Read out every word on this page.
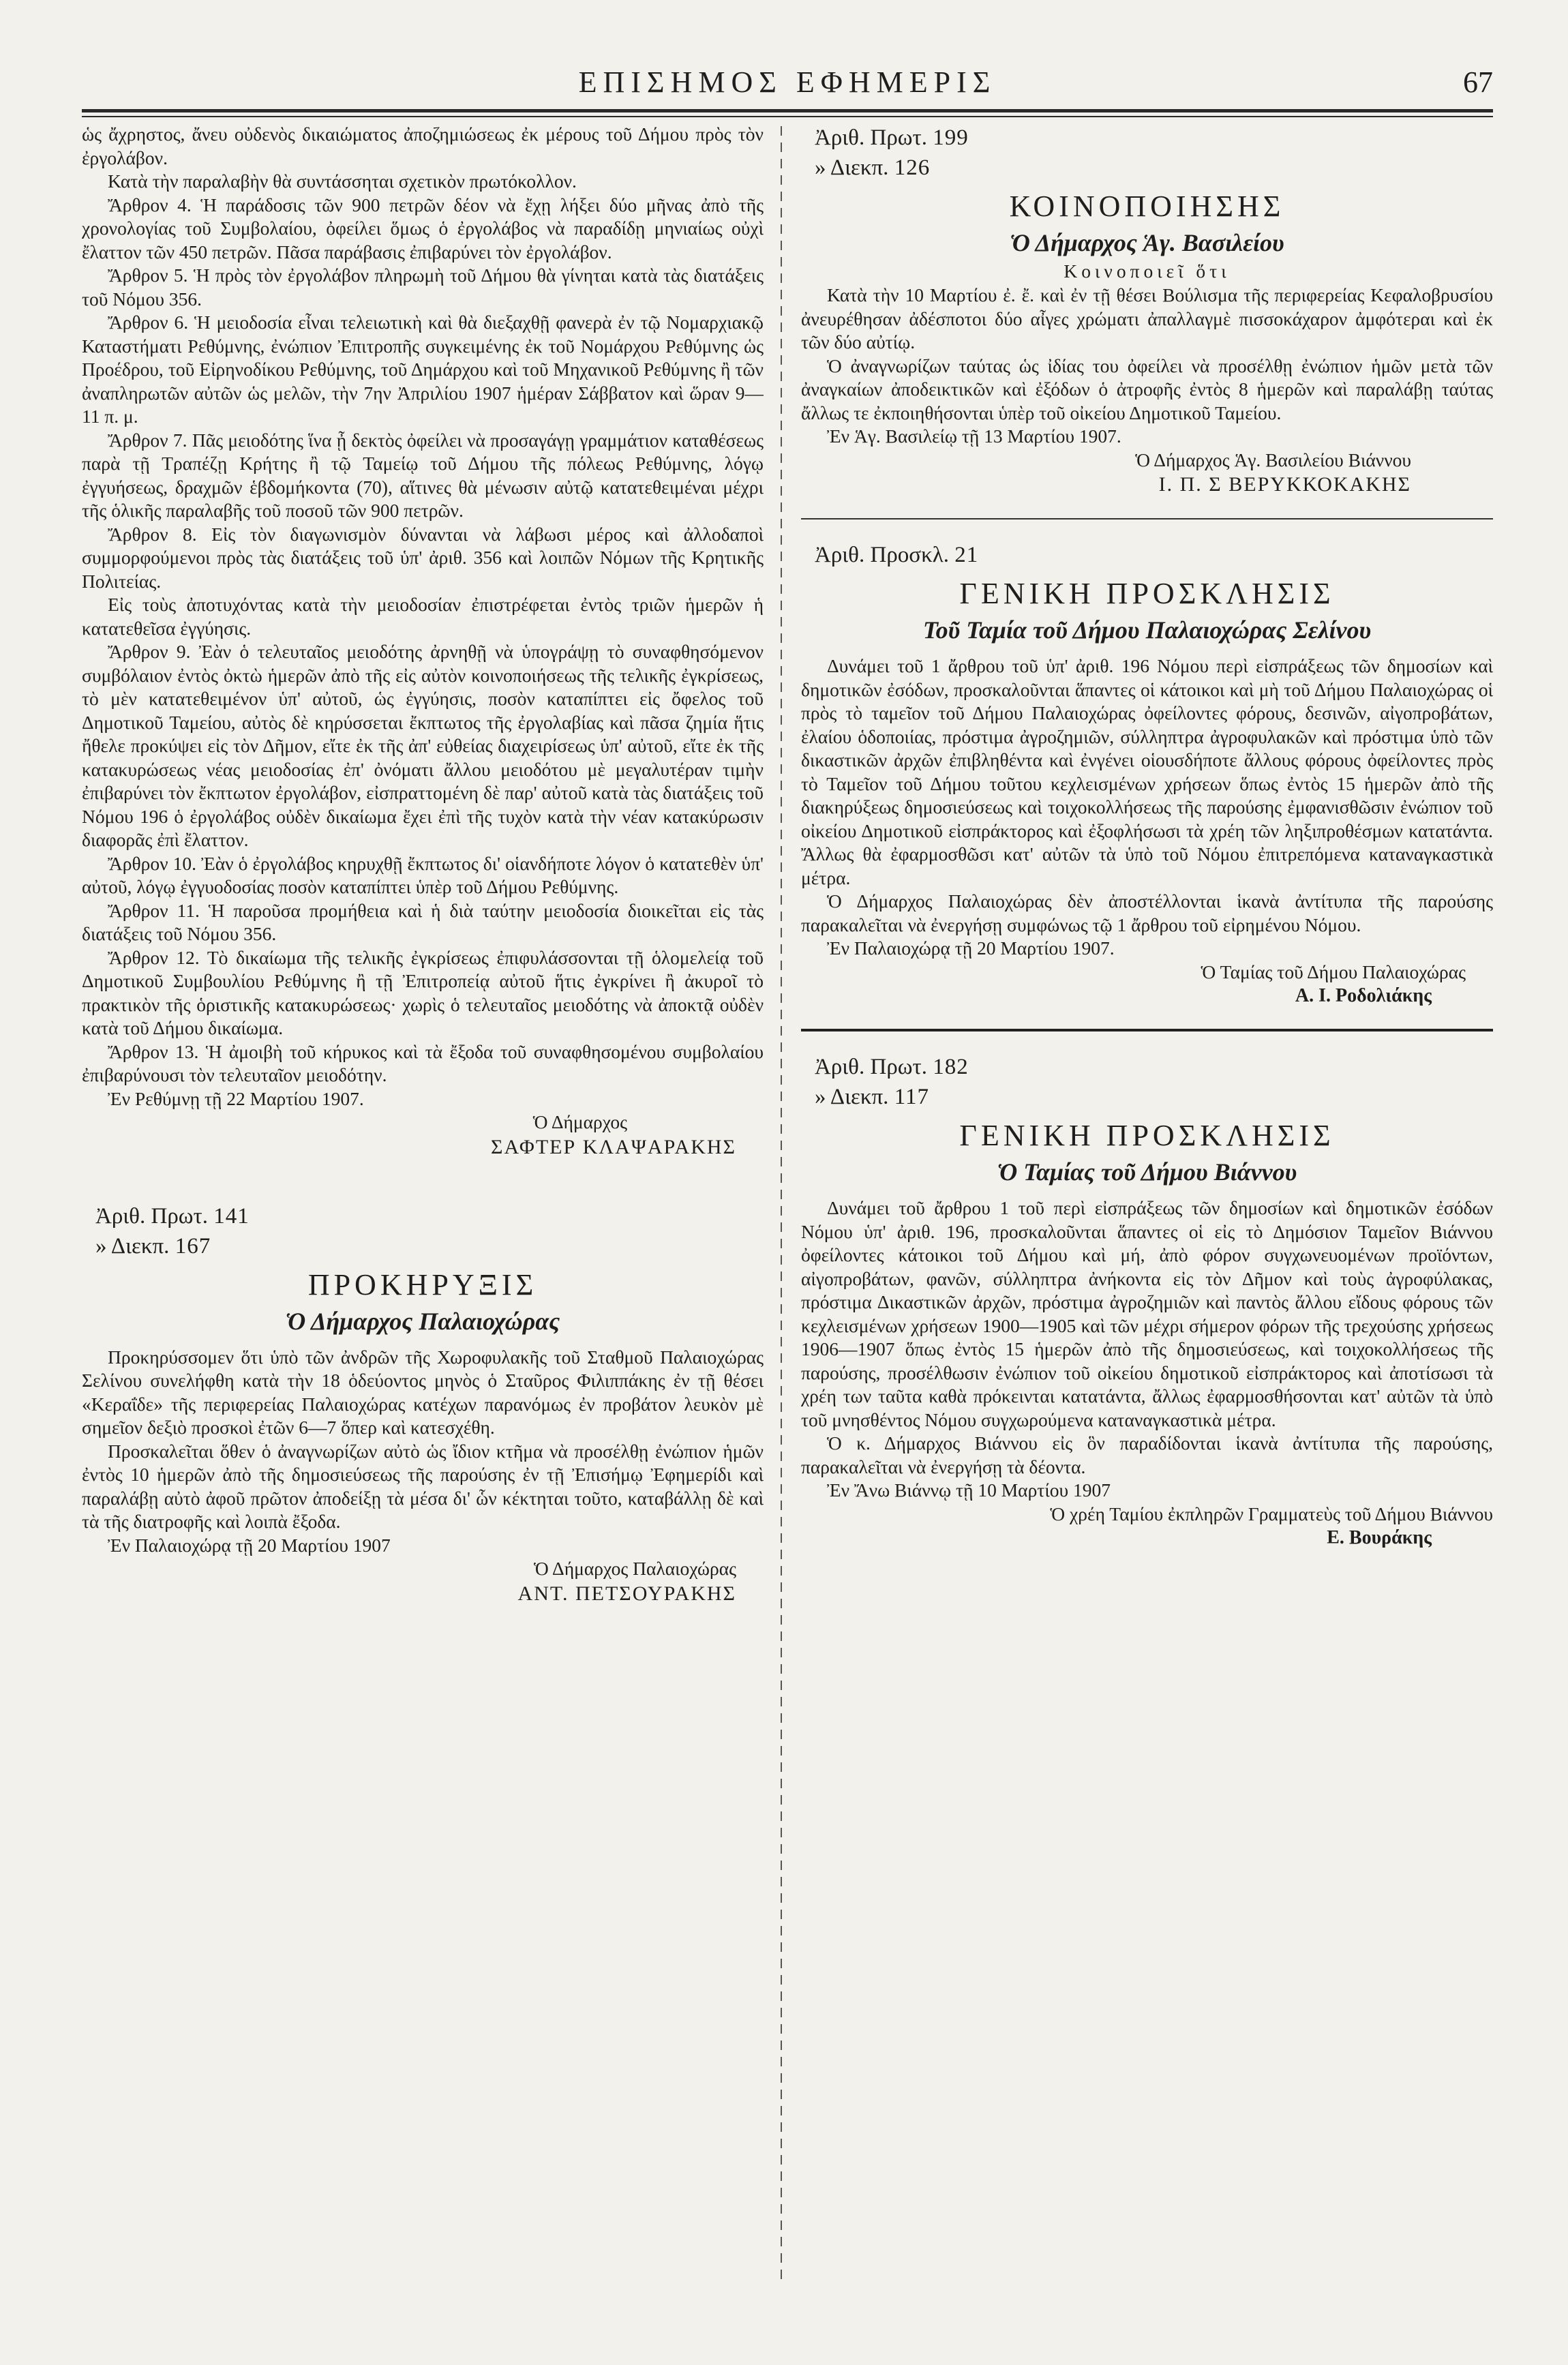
ΕΠΙΣΗΜΟΣ ΕΦΗΜΕΡΙΣ	67

ὡς ἄχρηστος, ἄνευ οὐδενὸς δικαιώματος ἀποζημιώσεως ἐκ μέρους τοῦ Δήμου πρὸς τὸν ἐργολάβον.

Κατὰ τὴν παραλαβὴν θὰ συντάσσηται σχετικὸν πρωτόκολλον.

Ἄρθρον 4. Ἡ παράδοσις τῶν 900 πετρῶν δέον νὰ ἔχῃ λήξει δύο μῆνας ἀπὸ τῆς χρονολογίας τοῦ Συμβολαίου, ὀφείλει ὅμως ὁ ἐργολάβος νὰ παραδίδῃ μηνιαίως οὐχὶ ἔλαττον τῶν 450 πετρῶν. Πᾶσα παράβασις ἐπιβαρύνει τὸν ἐργολάβον.

Ἄρθρον 5. Ἡ πρὸς τὸν ἐργολάβον πληρωμὴ τοῦ Δήμου θὰ γίνηται κατὰ τὰς διατάξεις τοῦ Νόμου 356.

Ἄρθρον 6. Ἡ μειοδοσία εἶναι τελειωτικὴ καὶ θὰ διεξαχθῇ φανερὰ ἐν τῷ Νομαρχιακῷ Καταστήματι Ρεθύμνης, ἐνώπιον Ἐπιτροπῆς συγκειμένης ἐκ τοῦ Νομάρχου Ρεθύμνης ὡς Προέδρου, τοῦ Εἰρηνοδίκου Ρεθύμνης, τοῦ Δημάρχου καὶ τοῦ Μηχανικοῦ Ρεθύμνης ἢ τῶν ἀναπληρωτῶν αὐτῶν ὡς μελῶν, τὴν 7ην Ἀπριλίου 1907 ἡμέραν Σάββατον καὶ ὥραν 9—11 π. μ.

Ἄρθρον 7. Πᾶς μειοδότης ἵνα ᾖ δεκτὸς ὀφείλει νὰ προσαγάγῃ γραμμάτιον καταθέσεως παρὰ τῇ Τραπέζῃ Κρήτης ἢ τῷ Ταμείῳ τοῦ Δήμου τῆς πόλεως Ρεθύμνης, λόγῳ ἐγγυήσεως, δραχμῶν ἑβδομήκοντα (70), αἵτινες θὰ μένωσιν αὐτῷ κατατεθειμέναι μέχρι τῆς ὁλικῆς παραλαβῆς τοῦ ποσοῦ τῶν 900 πετρῶν.

Ἄρθρον 8. Εἰς τὸν διαγωνισμὸν δύνανται νὰ λάβωσι μέρος καὶ ἀλλοδαποὶ συμμορφούμενοι πρὸς τὰς διατάξεις τοῦ ὑπ' ἀριθ. 356 καὶ λοιπῶν Νόμων τῆς Κρητικῆς Πολιτείας.

Εἰς τοὺς ἀποτυχόντας κατὰ τὴν μειοδοσίαν ἐπιστρέφεται ἐντὸς τριῶν ἡμερῶν ἡ κατατεθεῖσα ἐγγύησις.

Ἄρθρον 9. Ἐὰν ὁ τελευταῖος μειοδότης ἀρνηθῇ νὰ ὑπογράψῃ τὸ συναφθησόμενον συμβόλαιον ἐντὸς ὀκτὼ ἡμερῶν ἀπὸ τῆς εἰς αὐτὸν κοινοποιήσεως τῆς τελικῆς ἐγκρίσεως, τὸ μὲν κατατεθειμένον ὑπ' αὐτοῦ, ὡς ἐγγύησις, ποσὸν καταπίπτει εἰς ὄφελος τοῦ Δημοτικοῦ Ταμείου, αὐτὸς δὲ κηρύσσεται ἔκπτωτος τῆς ἐργολαβίας καὶ πᾶσα ζημία ἥτις ἤθελε προκύψει εἰς τὸν Δῆμον, εἴτε ἐκ τῆς ἀπ' εὐθείας διαχειρίσεως ὑπ' αὐτοῦ, εἴτε ἐκ τῆς κατακυρώσεως νέας μειοδοσίας ἐπ' ὀνόματι ἄλλου μειοδότου μὲ μεγαλυτέραν τιμὴν ἐπιβαρύνει τὸν ἔκπτωτον ἐργολάβον, εἰσπραττομένη δὲ παρ' αὐτοῦ κατὰ τὰς διατάξεις τοῦ Νόμου 196 ὁ ἐργολάβος οὐδὲν δικαίωμα ἔχει ἐπὶ τῆς τυχὸν κατὰ τὴν νέαν κατακύρωσιν διαφορᾶς ἐπὶ ἔλαττον.

Ἄρθρον 10. Ἐὰν ὁ ἐργολάβος κηρυχθῇ ἔκπτωτος δι' οἱανδήποτε λόγον ὁ κατατεθὲν ὑπ' αὐτοῦ, λόγῳ ἐγγυοδοσίας ποσὸν καταπίπτει ὑπὲρ τοῦ Δήμου Ρεθύμνης.

Ἄρθρον 11. Ἡ παροῦσα προμήθεια καὶ ἡ διὰ ταύτην μειοδοσία διοικεῖται εἰς τὰς διατάξεις τοῦ Νόμου 356.

Ἄρθρον 12. Τὸ δικαίωμα τῆς τελικῆς ἐγκρίσεως ἐπιφυλάσσονται τῇ ὁλομελείᾳ τοῦ Δημοτικοῦ Συμβουλίου Ρεθύμνης ἢ τῇ Ἐπιτροπείᾳ αὐτοῦ ἥτις ἐγκρίνει ἢ ἀκυροῖ τὸ πρακτικὸν τῆς ὁριστικῆς κατακυρώσεως· χωρὶς ὁ τελευταῖος μειοδότης νὰ ἀποκτᾷ οὐδὲν κατὰ τοῦ Δήμου δικαίωμα.

Ἄρθρον 13. Ἡ ἀμοιβὴ τοῦ κήρυκος καὶ τὰ ἔξοδα τοῦ συναφθησομένου συμβολαίου ἐπιβαρύνουσι τὸν τελευταῖον μειοδότην.

Ἐν Ρεθύμνῃ τῇ 22 Μαρτίου 1907.

Ὁ Δήμαρχος
ΣΑΦΤΕΡ ΚΛΑΨΑΡΑΚΗΣ
Ἀριθ. Πρωτ. 141
» Διεκπ. 167
ΠΡΟΚΗΡΥΞΙΣ
Ὁ Δήμαρχος Παλαιοχώρας

Προκηρύσσομεν ὅτι ὑπὸ τῶν ἀνδρῶν τῆς Χωροφυλακῆς τοῦ Σταθμοῦ Παλαιοχώρας Σελίνου συνελήφθη κατὰ τὴν 18 ὁδεύοντος μηνὸς ὁ Σταῦρος Φιλιππάκης ἐν τῇ θέσει «Κεραΐδε» τῆς περιφερείας Παλαιοχώρας κατέχων παρανόμως ἐν προβάτον λευκὸν μὲ σημεῖον δεξιὸ προσκοὶ ἐτῶν 6—7 ὅπερ καὶ κατεσχέθη.

Προσκαλεῖται ὅθεν ὁ ἀναγνωρίζων αὐτὸ ὡς ἴδιον κτῆμα νὰ προσέλθῃ ἐνώπιον ἡμῶν ἐντὸς 10 ἡμερῶν ἀπὸ τῆς δημοσιεύσεως τῆς παρούσης ἐν τῇ Ἐπισήμῳ Ἐφημερίδι καὶ παραλάβῃ αὐτὸ ἀφοῦ πρῶτον ἀποδείξῃ τὰ μέσα δι' ὧν κέκτηται τοῦτο, καταβάλλῃ δὲ καὶ τὰ τῆς διατροφῆς καὶ λοιπὰ ἔξοδα.

Ἐν Παλαιοχώρᾳ τῇ 20 Μαρτίου 1907

Ὁ Δήμαρχος Παλαιοχώρας
ΑΝΤ. ΠΕΤΣΟΥΡΑΚΗΣ
Ἀριθ. Πρωτ. 199
» Διεκπ. 126
ΚΟΙΝΟΠΟΙΗΣΗΣ
Ὁ Δήμαρχος Ἁγ. Βασιλείου
Κοινοποιεῖ ὅτι

Κατὰ τὴν 10 Μαρτίου ἐ. ἔ. καὶ ἐν τῇ θέσει Βούλισμα τῆς περιφερείας Κεφαλοβρυσίου ἀνευρέθησαν ἀδέσποτοι δύο αἶγες χρώματι ἀπαλλαγμὲ πισσοκάχαρον ἀμφότεραι καὶ ἐκ τῶν δύο αὐτίῳ.

Ὁ ἀναγνωρίζων ταύτας ὡς ἰδίας του ὀφείλει νὰ προσέλθῃ ἐνώπιον ἡμῶν μετὰ τῶν ἀναγκαίων ἀποδεικτικῶν καὶ ἐξόδων ὁ ἀτροφῆς ἐντὸς 8 ἡμερῶν καὶ παραλάβῃ ταύτας ἄλλως τε ἐκποιηθήσονται ὑπὲρ τοῦ οἰκείου Δημοτικοῦ Ταμείου.

Ἐν Ἁγ. Βασιλείῳ τῇ 13 Μαρτίου 1907.

Ὁ Δήμαρχος Ἁγ. Βασιλείου Βιάννου
Ι. Π. Σ ΒΕΡΥΚΚΟΚΑΚΗΣ
Ἀριθ. Προσκλ. 21
ΓΕΝΙΚΗ ΠΡΟΣΚΛΗΣΙΣ
Τοῦ Ταμία τοῦ Δήμου Παλαιοχώρας Σελίνου

Δυνάμει τοῦ 1 ἄρθρου τοῦ ὑπ' ἀριθ. 196 Νόμου περὶ εἰσπράξεως τῶν δημοσίων καὶ δημοτικῶν ἐσόδων, προσκαλοῦνται ἅπαντες οἱ κάτοικοι καὶ μὴ τοῦ Δήμου Παλαιοχώρας οἱ πρὸς τὸ ταμεῖον τοῦ Δήμου Παλαιοχώρας ὀφείλοντες φόρους, δεσινῶν, αἰγοπροβάτων, ἐλαίου ὁδοποιίας, πρόστιμα ἀγροζημιῶν, σύλληπτρα ἀγροφυλακῶν καὶ πρόστιμα ὑπὸ τῶν δικαστικῶν ἀρχῶν ἐπιβληθέντα καὶ ἐνγένει οἱουσδήποτε ἄλλους φόρους ὀφείλοντες πρὸς τὸ Ταμεῖον τοῦ Δήμου τοῦτου κεχλεισμένων χρήσεων ὅπως ἐντὸς 15 ἡμερῶν ἀπὸ τῆς διακηρύξεως δημοσιεύσεως καὶ τοιχοκολλήσεως τῆς παρούσης ἐμφανισθῶσιν ἐνώπιον τοῦ οἰκείου Δημοτικοῦ εἰσπράκτορος καὶ ἐξοφλήσωσι τὰ χρέη τῶν ληξιπροθέσμων κατατάντα. Ἄλλως θὰ ἐφαρμοσθῶσι κατ' αὐτῶν τὰ ὑπὸ τοῦ Νόμου ἐπιτρεπόμενα καταναγκαστικὰ μέτρα.

Ὁ Δήμαρχος Παλαιοχώρας δὲν ἀποστέλλονται ἱκανὰ ἀντίτυπα τῆς παρούσης παρακαλεῖται νὰ ἐνεργήσῃ συμφώνως τῷ 1 ἄρθρου τοῦ εἰρημένου Νόμου.

Ἐν Παλαιοχώρᾳ τῇ 20 Μαρτίου 1907.

Ὁ Ταμίας τοῦ Δήμου Παλαιοχώρας
Α. Ι. Ροδολιάκης
Ἀριθ. Πρωτ. 182
» Διεκπ. 117
ΓΕΝΙΚΗ ΠΡΟΣΚΛΗΣΙΣ
Ὁ Ταμίας τοῦ Δήμου Βιάννου

Δυνάμει τοῦ ἄρθρου 1 τοῦ περὶ εἰσπράξεως τῶν δημοσίων καὶ δημοτικῶν ἐσόδων Νόμου ὑπ' ἀριθ. 196, προσκαλοῦνται ἅπαντες οἱ εἰς τὸ Δημόσιον Ταμεῖον Βιάννου ὀφείλοντες κάτοικοι τοῦ Δήμου καὶ μή, ἀπὸ φόρον συγχωνευομένων προϊόντων, αἰγοπροβάτων, φανῶν, σύλληπτρα ἀνήκοντα εἰς τὸν Δῆμον καὶ τοὺς ἀγροφύλακας, πρόστιμα Δικαστικῶν ἀρχῶν, πρόστιμα ἀγροζημιῶν καὶ παντὸς ἄλλου εἴδους φόρους τῶν κεχλεισμένων χρήσεων 1900—1905 καὶ τῶν μέχρι σήμερον φόρων τῆς τρεχούσης χρήσεως 1906—1907 ὅπως ἐντὸς 15 ἡμερῶν ἀπὸ τῆς δημοσιεύσεως, καὶ τοιχοκολλήσεως τῆς παρούσης, προσέλθωσιν ἐνώπιον τοῦ οἰκείου δημοτικοῦ εἰσπράκτορος καὶ ἀποτίσωσι τὰ χρέη των ταῦτα καθὰ πρόκεινται κατατάντα, ἄλλως ἐφαρμοσθήσονται κατ' αὐτῶν τὰ ὑπὸ τοῦ μνησθέντος Νόμου συγχωρούμενα καταναγκαστικὰ μέτρα.

Ὁ κ. Δήμαρχος Βιάννου εἰς ὃν παραδίδονται ἱκανὰ ἀντίτυπα τῆς παρούσης, παρακαλεῖται νὰ ἐνεργήσῃ τὰ δέοντα.

Ἐν Ἄνω Βιάννῳ τῇ 10 Μαρτίου 1907

Ὁ χρέη Ταμίου ἐκπληρῶν Γραμματεὺς τοῦ Δήμου Βιάννου
Ε. Βουράκης
